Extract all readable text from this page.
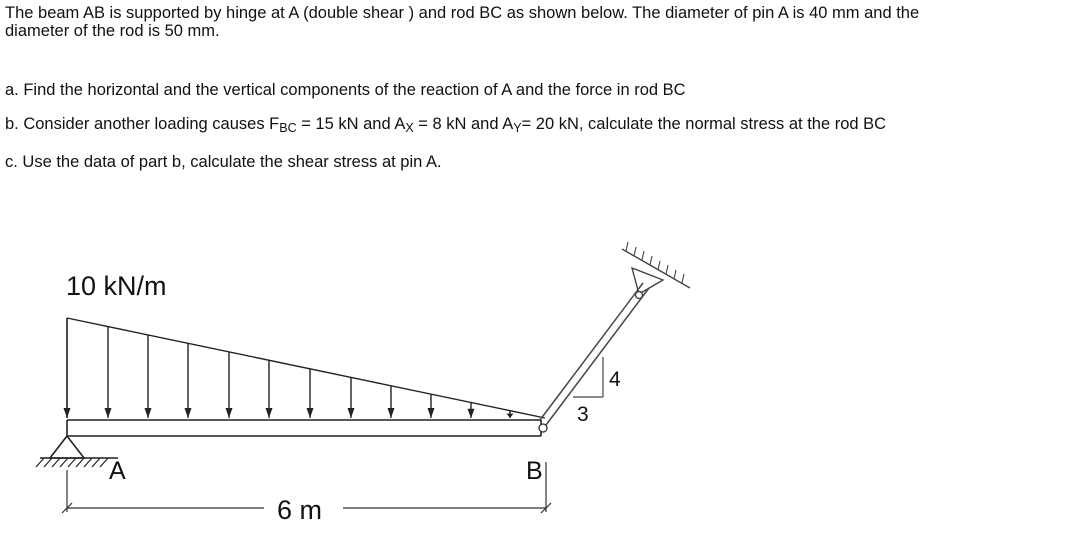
The beam AB is supported by hinge at A (double shear ) and rod BC as shown below. The diameter of pin A is 40 mm and the

diameter of the rod is 50 mm.

a. Find the horizontal and the vertical components of the reaction of A and the force in rod BC

b. Consider another loading causes $F_{BC} = 15$ kN and $A_X = 8$ kN and $A_Y= 20$ kN, calculate the normal stress at the rod BC

c. Use the data of part b, calculate the shear stress at pin A.

4
3
10 kN/m
A	B
6 m
